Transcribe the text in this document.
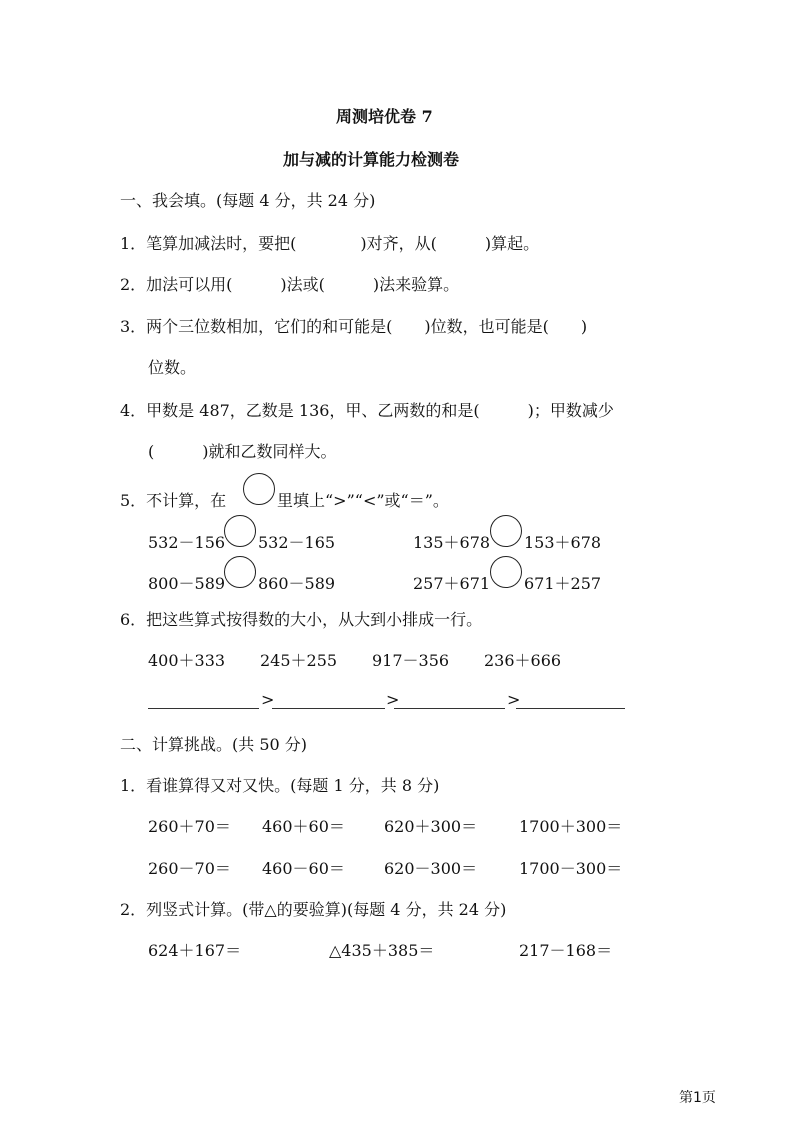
周测培优卷 7
加与减的计算能力检测卷
一、我会填。(每题 4 分，共 24 分)
1．笔算加减法时，要把(　　　　)对齐，从(　　　)算起。
2．加法可以用(　　　)法或(　　　)法来验算。
3．两个三位数相加，它们的和可能是(　　)位数，也可能是(　　)
位数。
4．甲数是 487，乙数是 136，甲、乙两数的和是(　　　)；甲数减少
(　　　)就和乙数同样大。
5．不计算，在	里填上“>”“<”或“＝”。
532－156 532－165	135＋678 153＋678
800－589 860－589	257＋671 671＋257
6．把这些算式按得数的大小，从大到小排成一行。
400＋333 245＋255 917－356 236＋666
>	>	>
二、计算挑战。(共 50 分)
1．看谁算得又对又快。(每题 1 分，共 8 分)
260＋70＝ 460＋60＝ 620＋300＝	1700＋300＝
260－70＝ 460－60＝ 620－300＝	1700－300＝
2．列竖式计算。(带△的要验算)(每题 4 分，共 24 分)
624＋167＝	△435＋385＝	217－168＝
第1页
